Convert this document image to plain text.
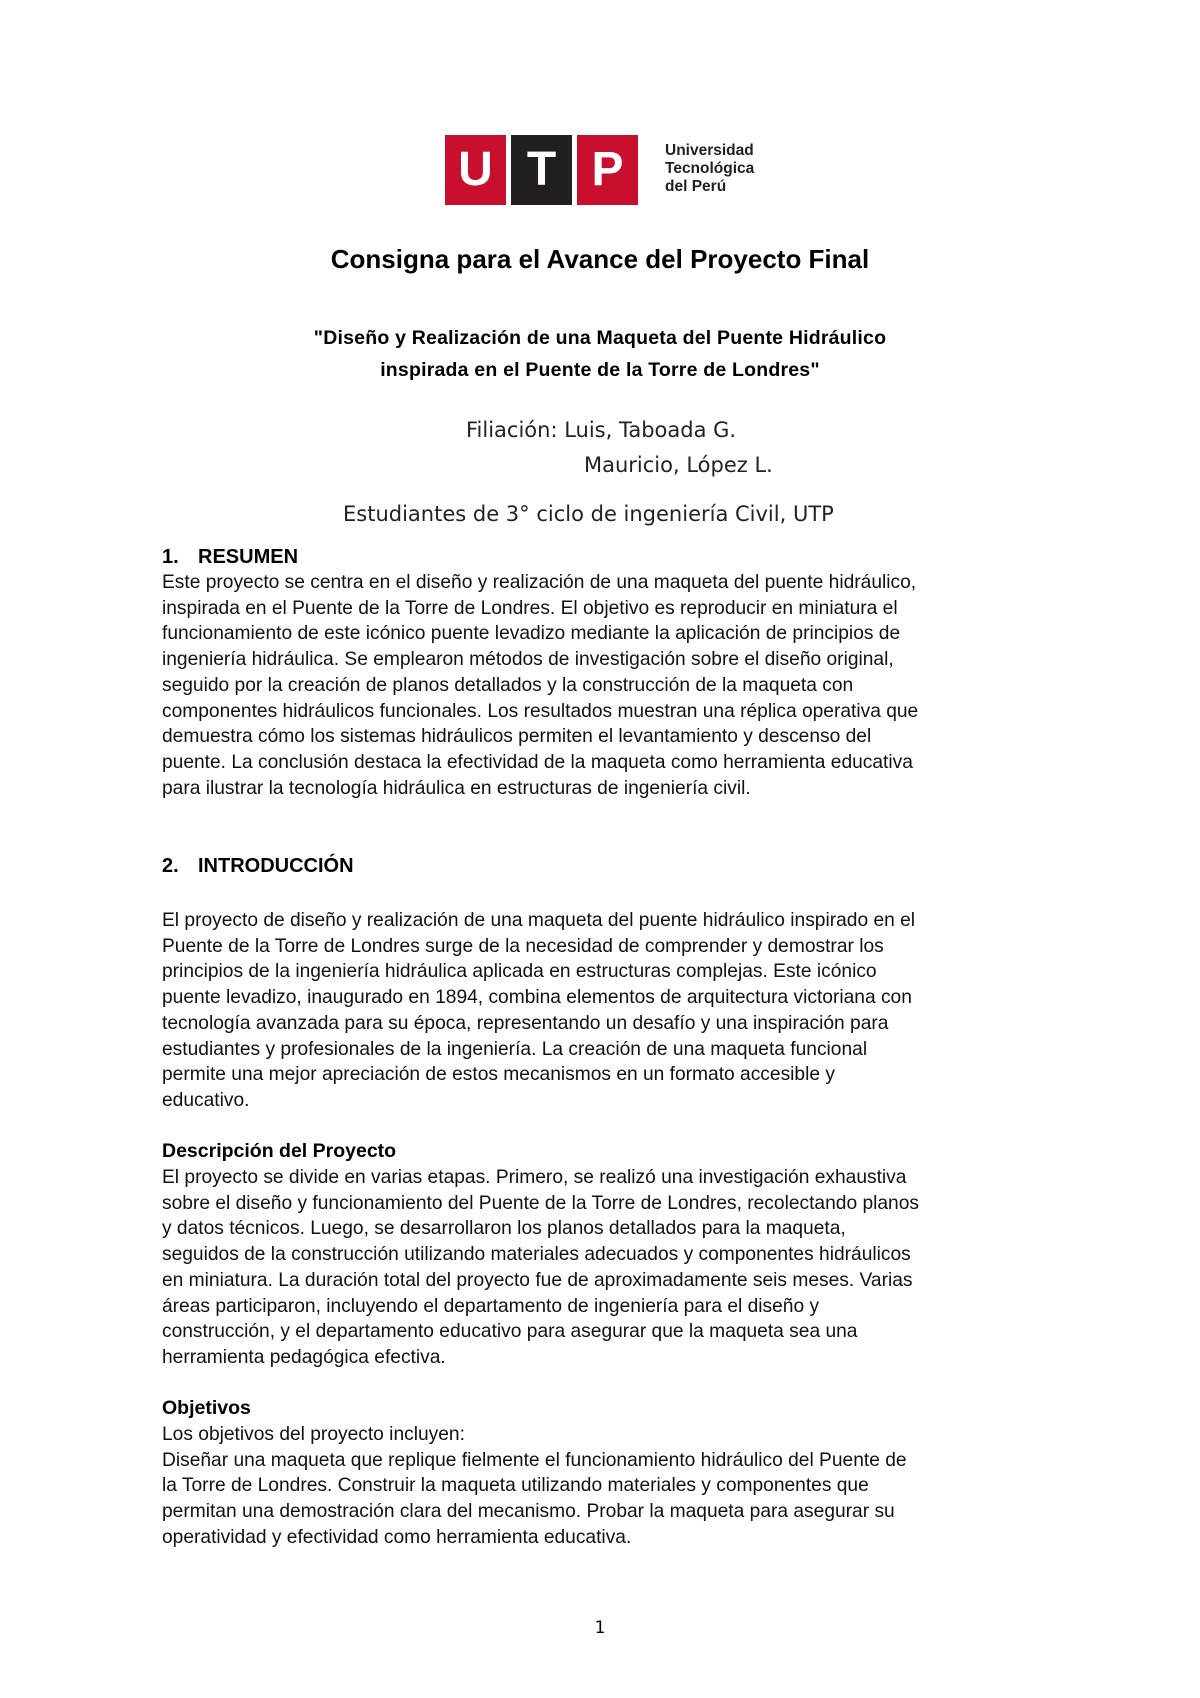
U T P	Universidad
Tecnológica
del Perú
Consigna para el Avance del Proyecto Final
"Diseño y Realización de una Maqueta del Puente Hidráulico
inspirada en el Puente de la Torre de Londres"
Filiación: Luis, Taboada G.
Mauricio, López L.
Estudiantes de 3° ciclo de ingeniería Civil, UTP
1. RESUMEN
Este proyecto se centra en el diseño y realización de una maqueta del puente hidráulico,
inspirada en el Puente de la Torre de Londres. El objetivo es reproducir en miniatura el
funcionamiento de este icónico puente levadizo mediante la aplicación de principios de
ingeniería hidráulica. Se emplearon métodos de investigación sobre el diseño original,
seguido por la creación de planos detallados y la construcción de la maqueta con
componentes hidráulicos funcionales. Los resultados muestran una réplica operativa que
demuestra cómo los sistemas hidráulicos permiten el levantamiento y descenso del
puente. La conclusión destaca la efectividad de la maqueta como herramienta educativa
para ilustrar la tecnología hidráulica en estructuras de ingeniería civil.
2. INTRODUCCIÓN
El proyecto de diseño y realización de una maqueta del puente hidráulico inspirado en el
Puente de la Torre de Londres surge de la necesidad de comprender y demostrar los
principios de la ingeniería hidráulica aplicada en estructuras complejas. Este icónico
puente levadizo, inaugurado en 1894, combina elementos de arquitectura victoriana con
tecnología avanzada para su época, representando un desafío y una inspiración para
estudiantes y profesionales de la ingeniería. La creación de una maqueta funcional
permite una mejor apreciación de estos mecanismos en un formato accesible y
educativo.
Descripción del Proyecto
El proyecto se divide en varias etapas. Primero, se realizó una investigación exhaustiva
sobre el diseño y funcionamiento del Puente de la Torre de Londres, recolectando planos
y datos técnicos. Luego, se desarrollaron los planos detallados para la maqueta,
seguidos de la construcción utilizando materiales adecuados y componentes hidráulicos
en miniatura. La duración total del proyecto fue de aproximadamente seis meses. Varias
áreas participaron, incluyendo el departamento de ingeniería para el diseño y
construcción, y el departamento educativo para asegurar que la maqueta sea una
herramienta pedagógica efectiva.
Objetivos
Los objetivos del proyecto incluyen:
Diseñar una maqueta que replique fielmente el funcionamiento hidráulico del Puente de
la Torre de Londres. Construir la maqueta utilizando materiales y componentes que
permitan una demostración clara del mecanismo. Probar la maqueta para asegurar su
operatividad y efectividad como herramienta educativa.
1
